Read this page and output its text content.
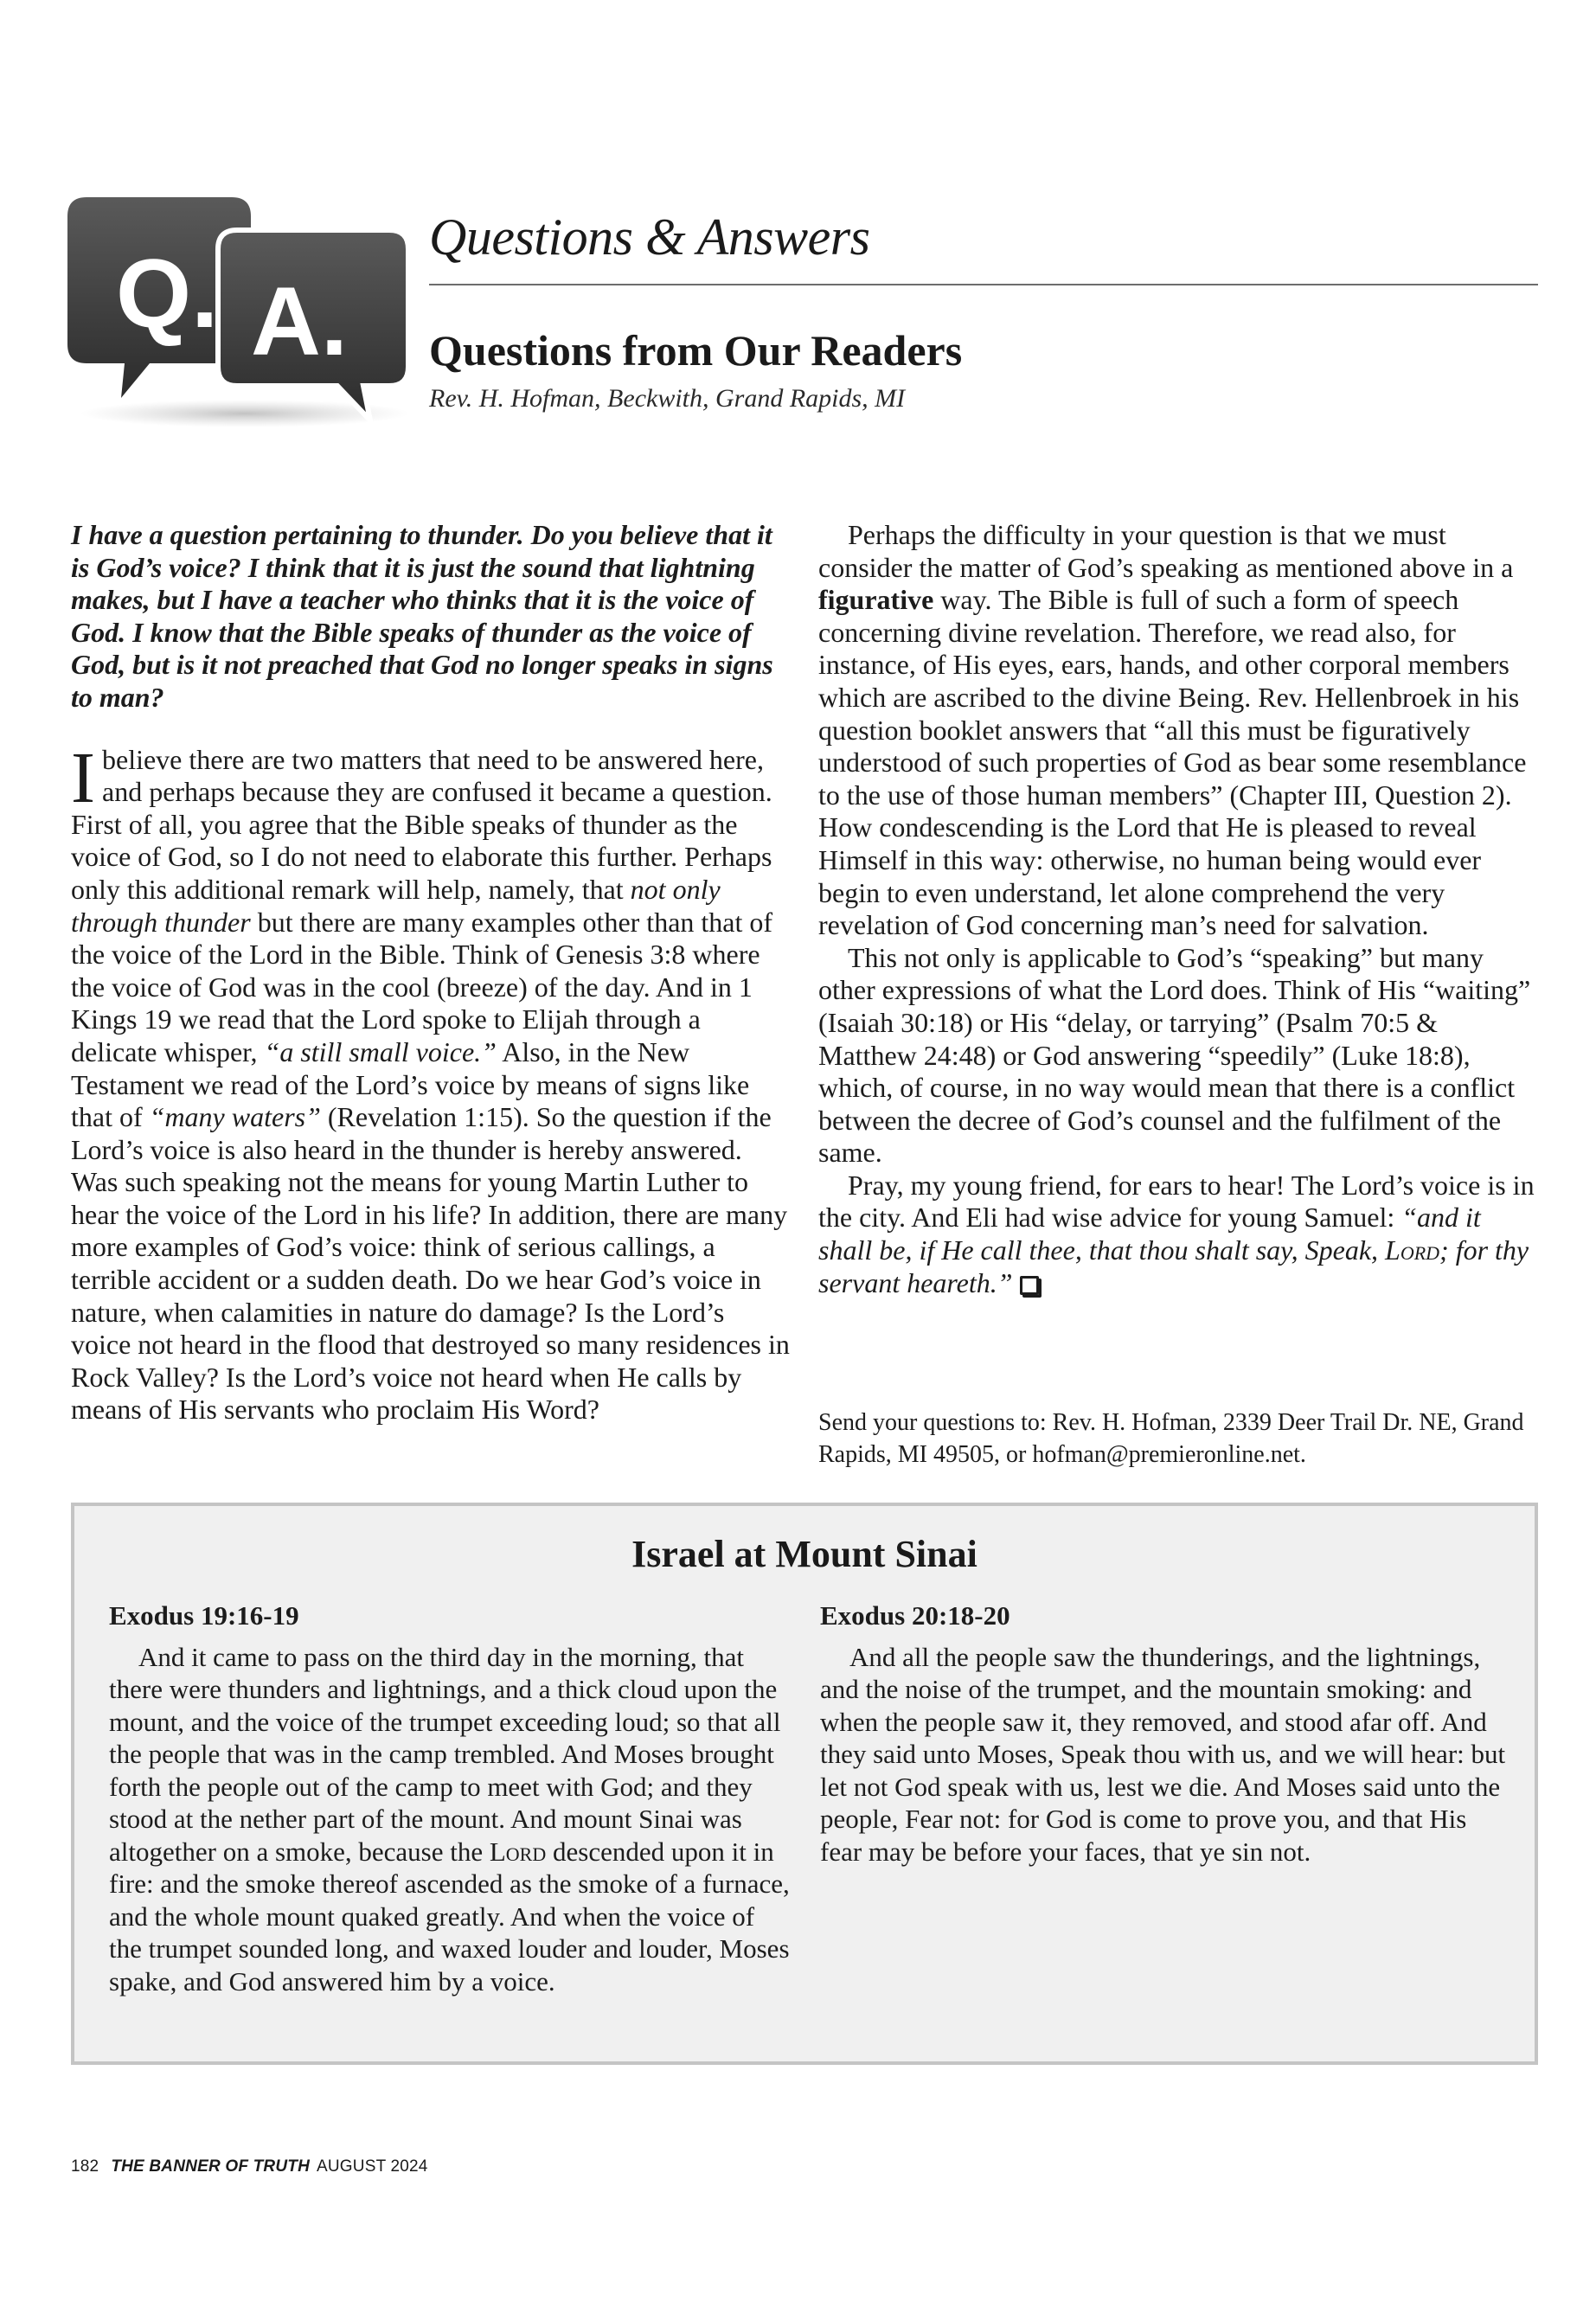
Q. A.
Questions & Answers
Questions from Our Readers
Rev. H. Hofman, Beckwith, Grand Rapids, MI

I have a question pertaining to thunder. Do you believe that it is God’s voice? I think that it is just the sound that lightning makes, but I have a teacher who thinks that it is the voice of God. I know that the Bible speaks of thunder as the voice of God, but is it not preached that God no longer speaks in signs to man?

I believe there are two matters that need to be answered here, and perhaps because they are confused it became a question. First of all, you agree that the Bible speaks of thunder as the voice of God, so I do not need to elaborate this further. Perhaps only this additional remark will help, namely, that not only through thunder but there are many examples other than that of the voice of the Lord in the Bible. Think of Genesis 3:8 where the voice of God was in the cool (breeze) of the day. And in 1 Kings 19 we read that the Lord spoke to Elijah through a delicate whisper, “a still small voice.” Also, in the New Testament we read of the Lord’s voice by means of signs like that of “many waters” (Revelation 1:15). So the question if the Lord’s voice is also heard in the thunder is hereby answered. Was such speaking not the means for young Martin Luther to hear the voice of the Lord in his life? In addition, there are many more examples of God’s voice: think of serious callings, a terrible accident or a sudden death. Do we hear God’s voice in nature, when calamities in nature do damage? Is the Lord’s voice not heard in the flood that destroyed so many residences in Rock Valley? Is the Lord’s voice not heard when He calls by means of His servants who proclaim His Word?

Perhaps the difficulty in your question is that we must consider the matter of God’s speaking as mentioned above in a figurative way. The Bible is full of such a form of speech concerning divine revelation. Therefore, we read also, for instance, of His eyes, ears, hands, and other corporal members which are ascribed to the divine Being. Rev. Hellenbroek in his question booklet answers that “all this must be figuratively understood of such properties of God as bear some resemblance to the use of those human members” (Chapter III, Question 2). How condescending is the Lord that He is pleased to reveal Himself in this way: otherwise, no human being would ever begin to even understand, let alone comprehend the very revelation of God concerning man’s need for salvation.

This not only is applicable to God’s “speaking” but many other expressions of what the Lord does. Think of His “waiting” (Isaiah 30:18) or His “delay, or tarrying” (Psalm 70:5 & Matthew 24:48) or God answering “speedily” (Luke 18:8), which, of course, in no way would mean that there is a conflict between the decree of God’s counsel and the fulfilment of the same.

Pray, my young friend, for ears to hear! The Lord’s voice is in the city. And Eli had wise advice for young Samuel: “and it shall be, if He call thee, that thou shalt say, Speak, Lord; for thy servant heareth.”

Send your questions to: Rev. H. Hofman, 2339 Deer Trail Dr. NE, Grand Rapids, MI 49505, or hofman@premieronline.net.
Israel at Mount Sinai
Exodus 19:16-19

And it came to pass on the third day in the morning, that there were thunders and lightnings, and a thick cloud upon the mount, and the voice of the trumpet exceeding loud; so that all the people that was in the camp trembled. And Moses brought forth the people out of the camp to meet with God; and they stood at the nether part of the mount. And mount Sinai was altogether on a smoke, because the Lord descended upon it in fire: and the smoke thereof ascended as the smoke of a furnace, and the whole mount quaked greatly. And when the voice of the trumpet sounded long, and waxed louder and louder, Moses spake, and God answered him by a voice.

Exodus 20:18-20

And all the people saw the thunderings, and the lightnings, and the noise of the trumpet, and the mountain smoking: and when the people saw it, they removed, and stood afar off. And they said unto Moses, Speak thou with us, and we will hear: but let not God speak with us, lest we die. And Moses said unto the people, Fear not: for God is come to prove you, and that His fear may be before your faces, that ye sin not.

182 THE BANNER OF TRUTH AUGUST 2024
